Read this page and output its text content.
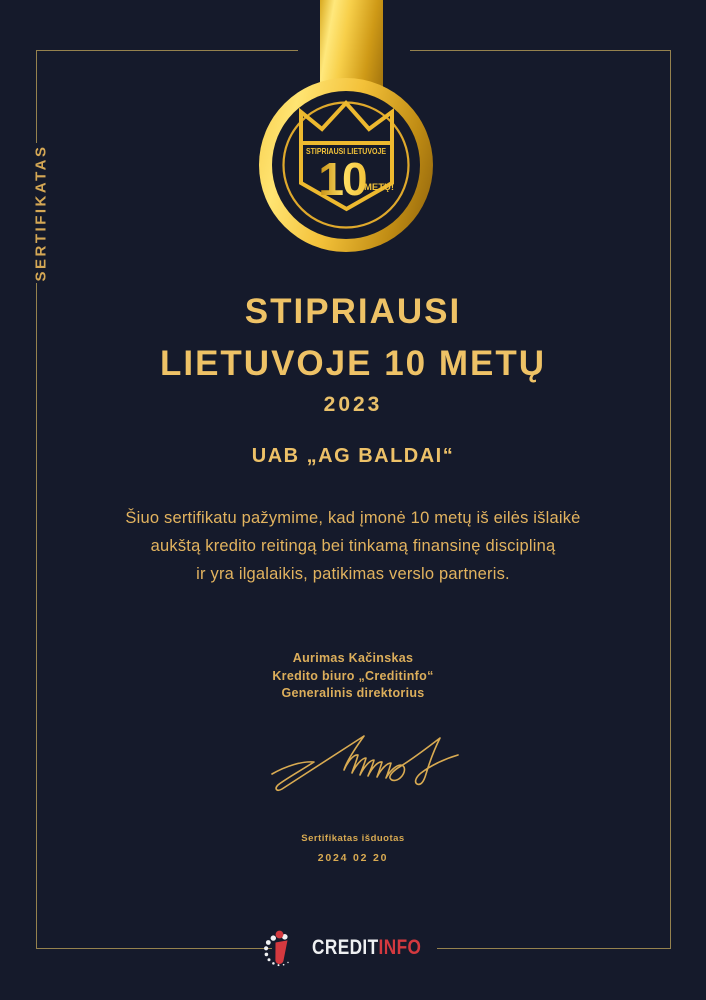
SERTIFIKATAS	STIPRIAUSI LIETUVOJE
10
METŲ!
STIPRIAUSI
LIETUVOJE 10 METŲ
2023
UAB „AG BALDAI“
Šiuo sertifikatu pažymime, kad įmonė 10 metų iš eilės išlaikė
aukštą kredito reitingą bei tinkamą finansinę discipliną
ir yra ilgalaikis, patikimas verslo partneris.
Aurimas Kačinskas
Kredito biuro „Creditinfo“
Generalinis direktorius
Sertifikatas išduotas
2024 02 20
CREDITINFO
